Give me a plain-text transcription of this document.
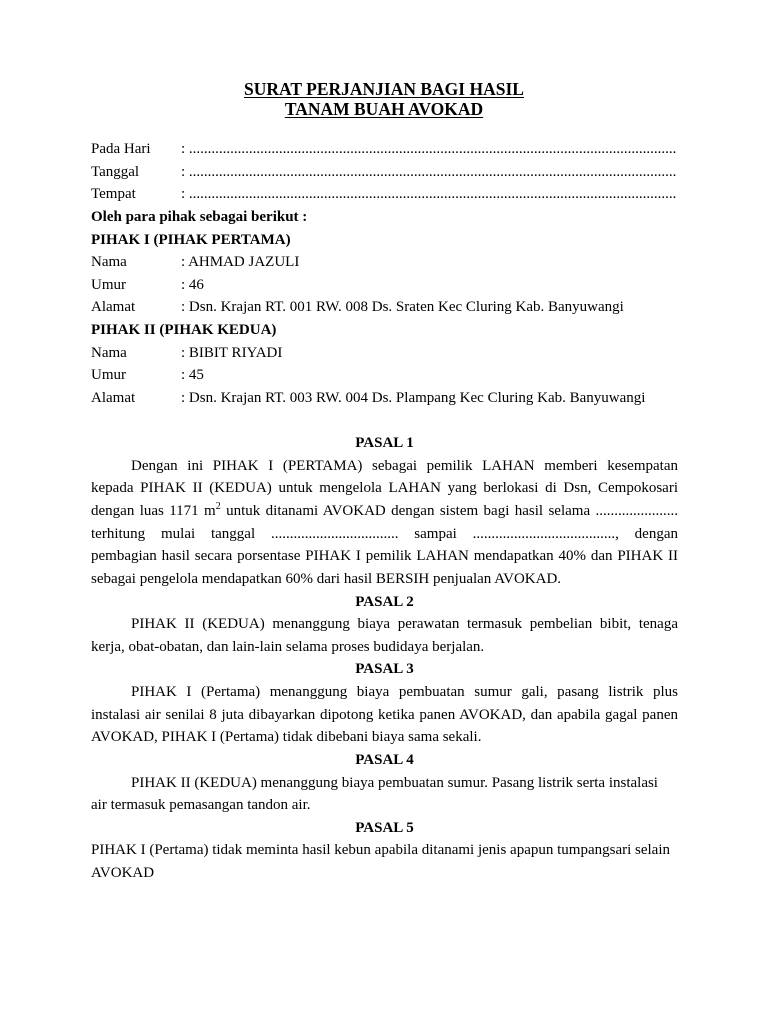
SURAT PERJANJIAN BAGI HASIL
TANAM BUAH AVOKAD
Pada Hari : ..................................................................................................................................
Tanggal	: ..................................................................................................................................
Tempat	: ..................................................................................................................................
Oleh para pihak sebagai berikut :
PIHAK I (PIHAK PERTAMA)
Nama	: AHMAD JAZULI
Umur	: 46
Alamat	: Dsn. Krajan RT. 001 RW. 008 Ds. Sraten Kec Cluring Kab. Banyuwangi
PIHAK II (PIHAK KEDUA)
Nama	: BIBIT RIYADI
Umur	: 45
Alamat	: Dsn. Krajan RT. 003 RW. 004 Ds. Plampang Kec Cluring Kab. Banyuwangi
PASAL 1
Dengan ini PIHAK I (PERTAMA) sebagai pemilik LAHAN memberi kesempatan
kepada PIHAK II (KEDUA) untuk mengelola LAHAN yang berlokasi di Dsn, Cempokosari
dengan luas 1171 $m^2$ untuk ditanami AVOKAD dengan sistem bagi hasil selama ......................
terhitung mulai tanggal .................................. sampai ......................................, dengan
pembagian hasil secara porsentase PIHAK I pemilik LAHAN mendapatkan 40% dan PIHAK II
sebagai pengelola mendapatkan 60% dari hasil BERSIH penjualan AVOKAD.
PASAL 2
PIHAK II (KEDUA) menanggung biaya perawatan termasuk pembelian bibit, tenaga
kerja, obat-obatan, dan lain-lain selama proses budidaya berjalan.
PASAL 3
PIHAK I (Pertama) menanggung biaya pembuatan sumur gali, pasang listrik plus
instalasi air senilai 8 juta dibayarkan dipotong ketika panen AVOKAD, dan apabila gagal panen
AVOKAD, PIHAK I (Pertama) tidak dibebani biaya sama sekali.
PASAL 4
PIHAK II (KEDUA) menanggung biaya pembuatan sumur. Pasang listrik serta instalasi
air termasuk pemasangan tandon air.
PASAL 5
PIHAK I (Pertama) tidak meminta hasil kebun apabila ditanami jenis apapun tumpangsari selain
AVOKAD
